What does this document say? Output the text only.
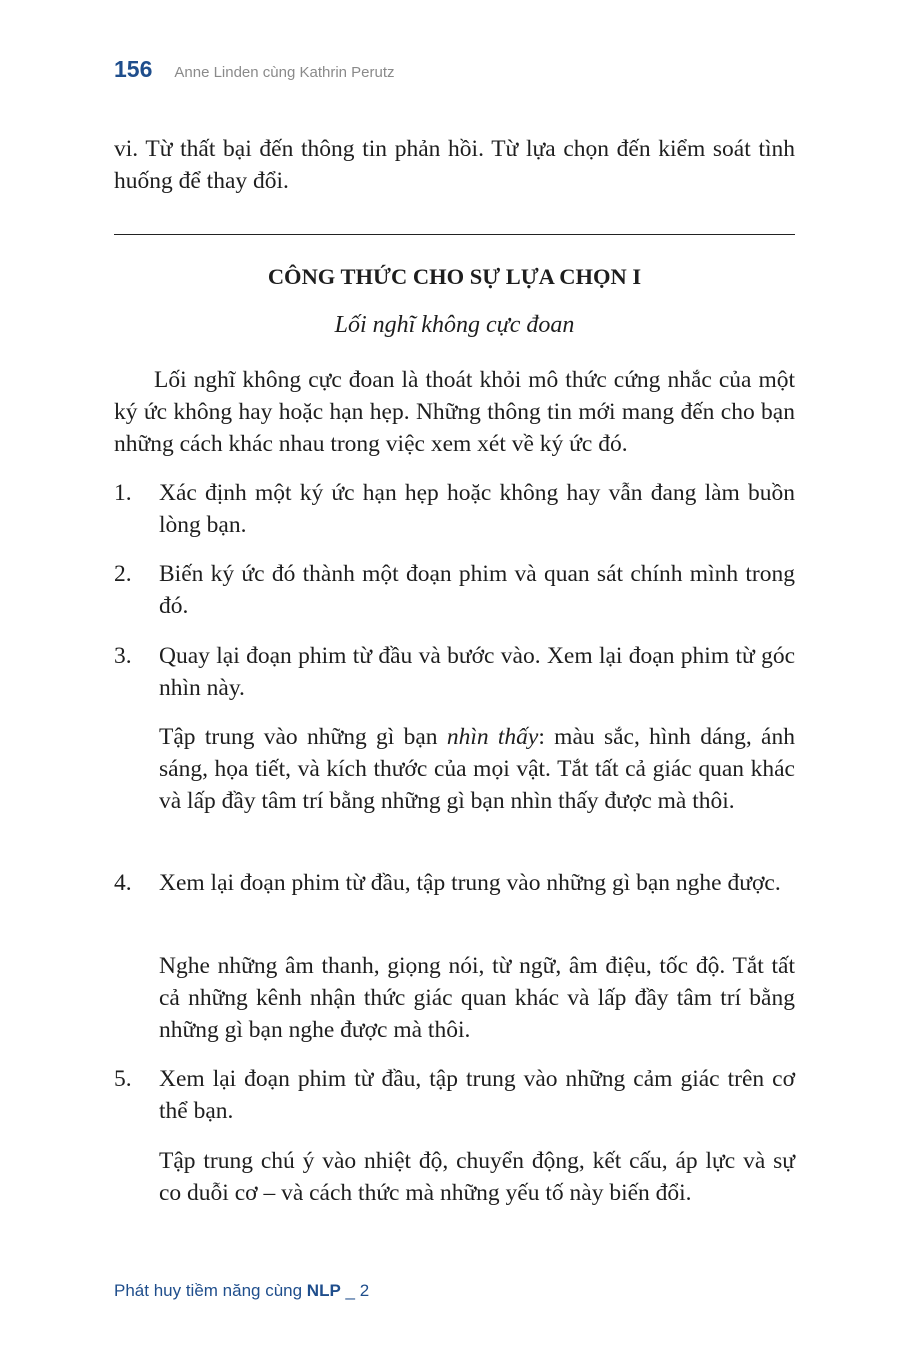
156 Anne Linden cùng Kathrin Perutz

vi. Từ thất bại đến thông tin phản hồi. Từ lựa chọn đến kiểm soát tình huống để thay đổi.

CÔNG THỨC CHO SỰ LỰA CHỌN I
Lối nghĩ không cực đoan

Lối nghĩ không cực đoan là thoát khỏi mô thức cứng nhắc của một ký ức không hay hoặc hạn hẹp. Những thông tin mới mang đến cho bạn những cách khác nhau trong việc xem xét về ký ức đó.

1. Xác định một ký ức hạn hẹp hoặc không hay vẫn đang làm buồn lòng bạn.

2. Biến ký ức đó thành một đoạn phim và quan sát chính mình trong đó.

3. Quay lại đoạn phim từ đầu và bước vào. Xem lại đoạn phim từ góc nhìn này.

Tập trung vào những gì bạn nhìn thấy: màu sắc, hình dáng, ánh sáng, họa tiết, và kích thước của mọi vật. Tắt tất cả giác quan khác và lấp đầy tâm trí bằng những gì bạn nhìn thấy được mà thôi.

4. Xem lại đoạn phim từ đầu, tập trung vào những gì bạn nghe được.

Nghe những âm thanh, giọng nói, từ ngữ, âm điệu, tốc độ. Tắt tất cả những kênh nhận thức giác quan khác và lấp đầy tâm trí bằng những gì bạn nghe được mà thôi.

5. Xem lại đoạn phim từ đầu, tập trung vào những cảm giác trên cơ thể bạn.

Tập trung chú ý vào nhiệt độ, chuyển động, kết cấu, áp lực và sự co duỗi cơ – và cách thức mà những yếu tố này biến đổi.

Phát huy tiềm năng cùng NLP _ 2
